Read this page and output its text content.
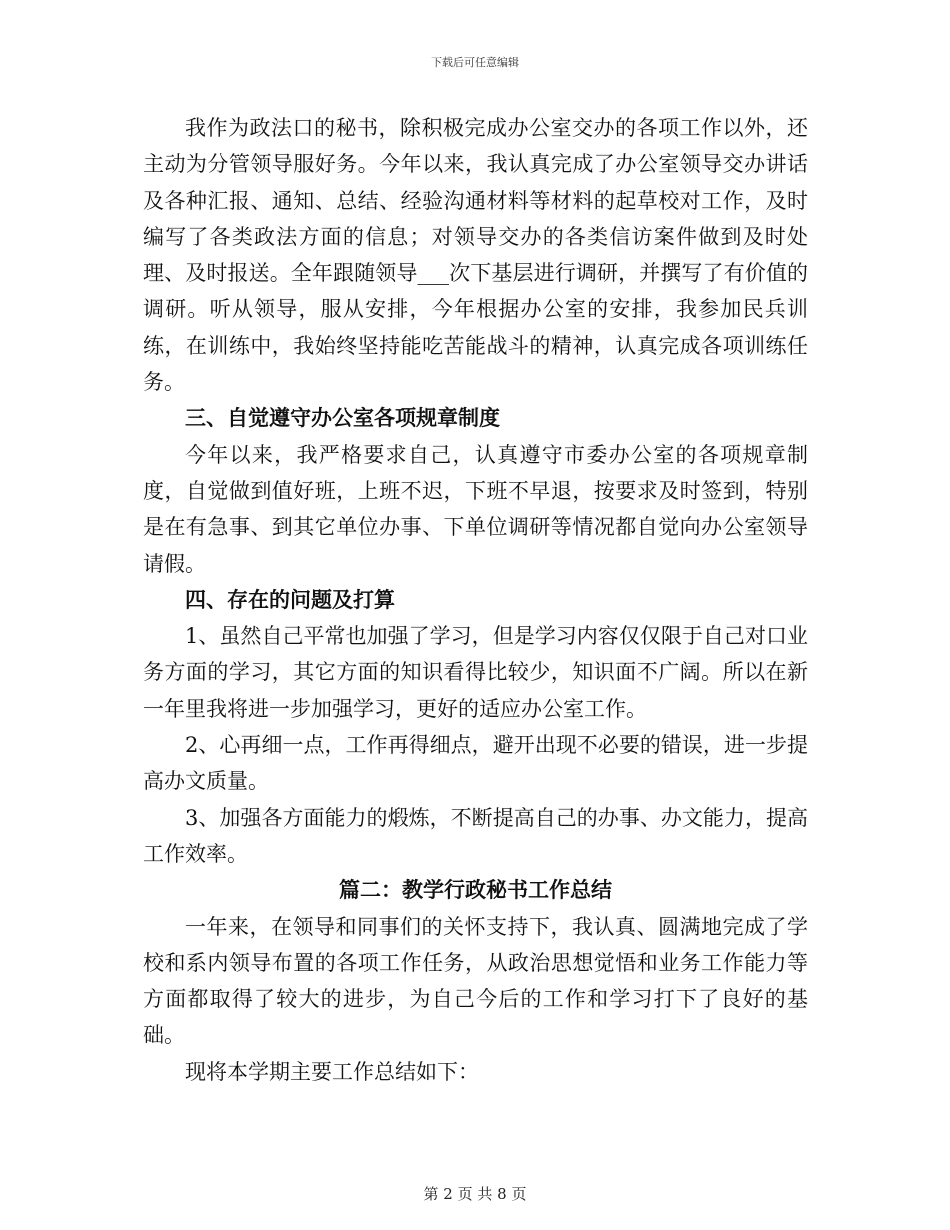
下载后可任意编辑

我作为政法口的秘书，除积极完成办公室交办的各项工作以外，还主动为分管领导服好务。今年以来，我认真完成了办公室领导交办讲话及各种汇报、通知、总结、经验沟通材料等材料的起草校对工作，及时编写了各类政法方面的信息；对领导交办的各类信访案件做到及时处理、及时报送。全年跟随领导___次下基层进行调研，并撰写了有价值的调研。听从领导，服从安排，今年根据办公室的安排，我参加民兵训练，在训练中，我始终坚持能吃苦能战斗的精神，认真完成各项训练任务。

三、自觉遵守办公室各项规章制度

今年以来，我严格要求自己，认真遵守市委办公室的各项规章制度，自觉做到值好班，上班不迟，下班不早退，按要求及时签到，特别是在有急事、到其它单位办事、下单位调研等情况都自觉向办公室领导请假。

四、存在的问题及打算

1、虽然自己平常也加强了学习，但是学习内容仅仅限于自己对口业务方面的学习，其它方面的知识看得比较少，知识面不广阔。所以在新一年里我将进一步加强学习，更好的适应办公室工作。

2、心再细一点，工作再得细点，避开出现不必要的错误，进一步提高办文质量。

3、加强各方面能力的煅炼，不断提高自己的办事、办文能力，提高工作效率。

篇二：教学行政秘书工作总结

一年来，在领导和同事们的关怀支持下，我认真、圆满地完成了学校和系内领导布置的各项工作任务，从政治思想觉悟和业务工作能力等方面都取得了较大的进步，为自己今后的工作和学习打下了良好的基础。

现将本学期主要工作总结如下：

第 2 页 共 8 页
